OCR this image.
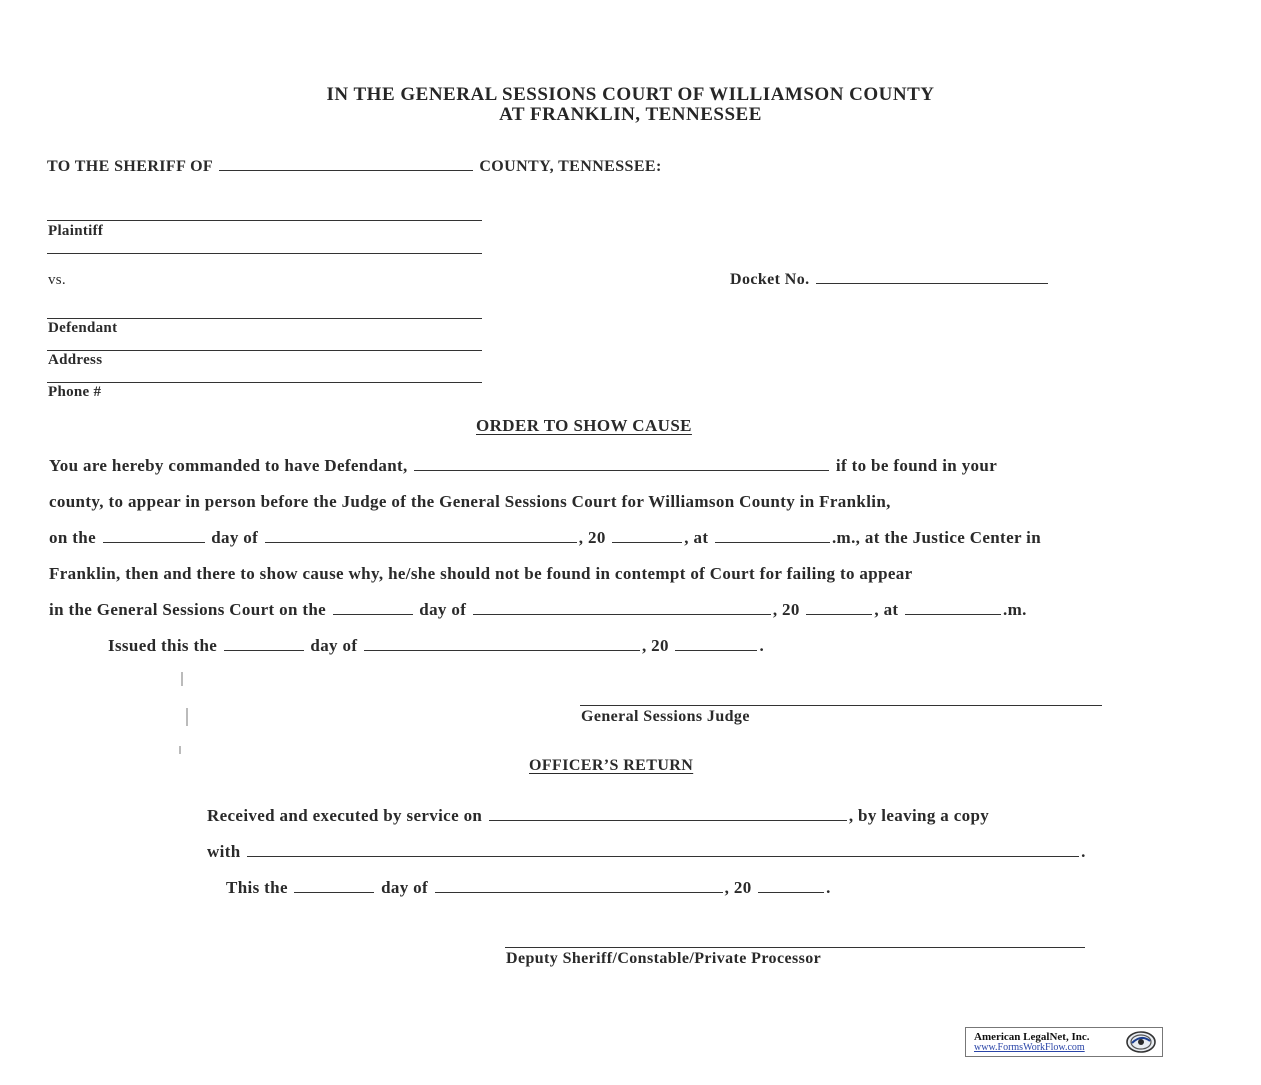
IN THE GENERAL SESSIONS COURT OF WILLIAMSON COUNTY
AT FRANKLIN, TENNESSEE
TO THE SHERIFF OF	COUNTY, TENNESSEE:
Plaintiff
vs.	Docket No.
Defendant
Address
Phone #
ORDER TO SHOW CAUSE
You are hereby commanded to have Defendant,	if to be found in your
county, to appear in person before the Judge of the General Sessions Court for Williamson County in Franklin,
on the	day of	, 20	, at	.m., at the Justice Center in
Franklin, then and there to show cause why, he/she should not be found in contempt of Court for failing to appear
in the General Sessions Court on the	day of	, 20	, at	.m.
Issued this the	day of	, 20	.
General Sessions Judge
OFFICER’S RETURN
Received and executed by service on	, by leaving a copy
with	.
This the	day of	, 20	.
Deputy Sheriff/Constable/Private Processor
American LegalNet, Inc.
www.FormsWorkFlow.com
